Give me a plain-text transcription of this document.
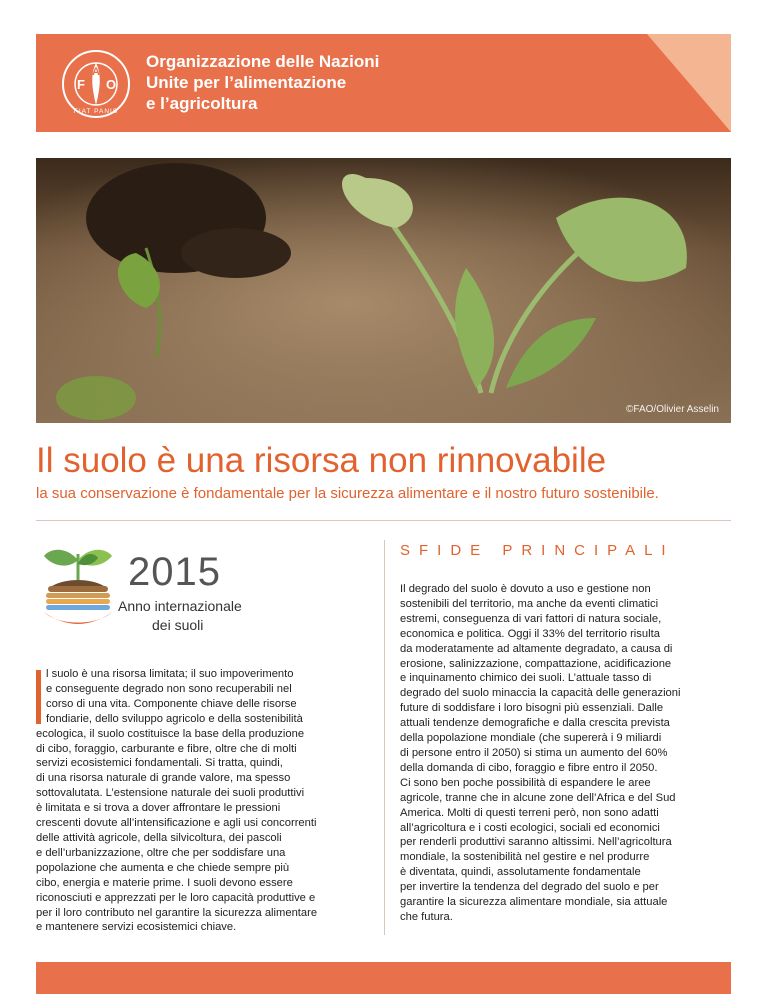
F
A
O
FIAT PANIS
Organizzazione delle Nazioni
Unite per l’alimentazione
e l’agricoltura
©FAO/Olivier Asselin
Il suolo è una risorsa non rinnovabile
la sua conservazione è fondamentale per la sicurezza alimentare e il nostro futuro sostenibile.
2015
Anno internazionale
dei suoli
l suolo è una risorsa limitata; il suo impoverimento
e conseguente degrado non sono recuperabili nel
corso di una vita. Componente chiave delle risorse
fondiarie, dello sviluppo agricolo e della sostenibilità
ecologica, il suolo costituisce la base della produzione
di cibo, foraggio, carburante e fibre, oltre che di molti
servizi ecosistemici fondamentali. Si tratta, quindi,
di una risorsa naturale di grande valore, ma spesso
sottovalutata. L’estensione naturale dei suoli produttivi
è limitata e si trova a dover affrontare le pressioni
crescenti dovute all’intensificazione e agli usi concorrenti
delle attività agricole, della silvicoltura, dei pascoli
e dell’urbanizzazione, oltre che per soddisfare una
popolazione che aumenta e che chiede sempre più
cibo, energia e materie prime. I suoli devono essere
riconosciuti e apprezzati per le loro capacità produttive e
per il loro contributo nel garantire la sicurezza alimentare
e mantenere servizi ecosistemici chiave.
SFIDE PRINCIPALI
Il degrado del suolo è dovuto a uso e gestione non
sostenibili del territorio, ma anche da eventi climatici
estremi, conseguenza di vari fattori di natura sociale,
economica e politica. Oggi il 33% del territorio risulta
da moderatamente ad altamente degradato, a causa di
erosione, salinizzazione, compattazione, acidificazione
e inquinamento chimico dei suoli. L’attuale tasso di
degrado del suolo minaccia la capacità delle generazioni
future di soddisfare i loro bisogni più essenziali. Dalle
attuali tendenze demografiche e dalla crescita prevista
della popolazione mondiale (che supererà i 9 miliardi
di persone entro il 2050) si stima un aumento del 60%
della domanda di cibo, foraggio e fibre entro il 2050.
Ci sono ben poche possibilità di espandere le aree
agricole, tranne che in alcune zone dell’Africa e del Sud
America. Molti di questi terreni però, non sono adatti
all’agricoltura e i costi ecologici, sociali ed economici
per renderli produttivi saranno altissimi. Nell’agricoltura
mondiale, la sostenibilità nel gestire e nel produrre
è diventata, quindi, assolutamente fondamentale
per invertire la tendenza del degrado del suolo e per
garantire la sicurezza alimentare mondiale, sia attuale
che futura.
